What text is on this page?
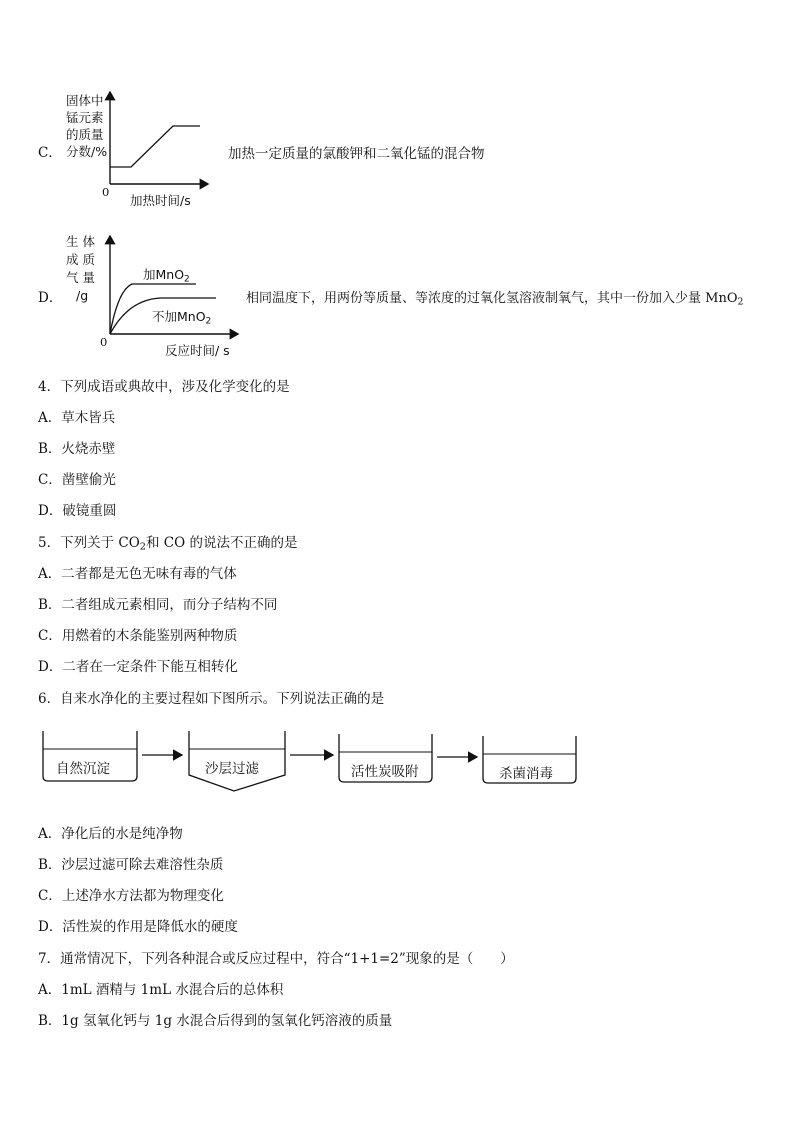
C．
固体中
锰元素
的质量
分数/%
0
加热时间/s
加热一定质量的氯酸钾和二氧化锰的混合物
D．
生 体
成 质
气 量
/g
加MnO$_2$
不加MnO$_2$
0
反应时间/ s
相同温度下，用两份等质量、等浓度的过氧化氢溶液制氧气，其中一份加入少量 MnO$_2$
4．下列成语或典故中，涉及化学变化的是
A．草木皆兵
B．火烧赤壁
C．凿壁偷光
D．破镜重圆
5．下列关于 $CO_2$和 CO 的说法不正确的是
A．二者都是无色无味有毒的气体
B．二者组成元素相同，而分子结构不同
C．用燃着的木条能鉴别两种物质
D．二者在一定条件下能互相转化
6．自来水净化的主要过程如下图所示。下列说法正确的是
自然沉淀	沙层过滤	活性炭吸附	杀菌消毒
A．净化后的水是纯净物
B．沙层过滤可除去难溶性杂质
C．上述净水方法都为物理变化
D．活性炭的作用是降低水的硬度
7．通常情况下，下列各种混合或反应过程中，符合“1+1=2”现象的是（　　）
A．1mL 酒精与 1mL 水混合后的总体积
B．1g 氢氧化钙与 1g 水混合后得到的氢氧化钙溶液的质量
